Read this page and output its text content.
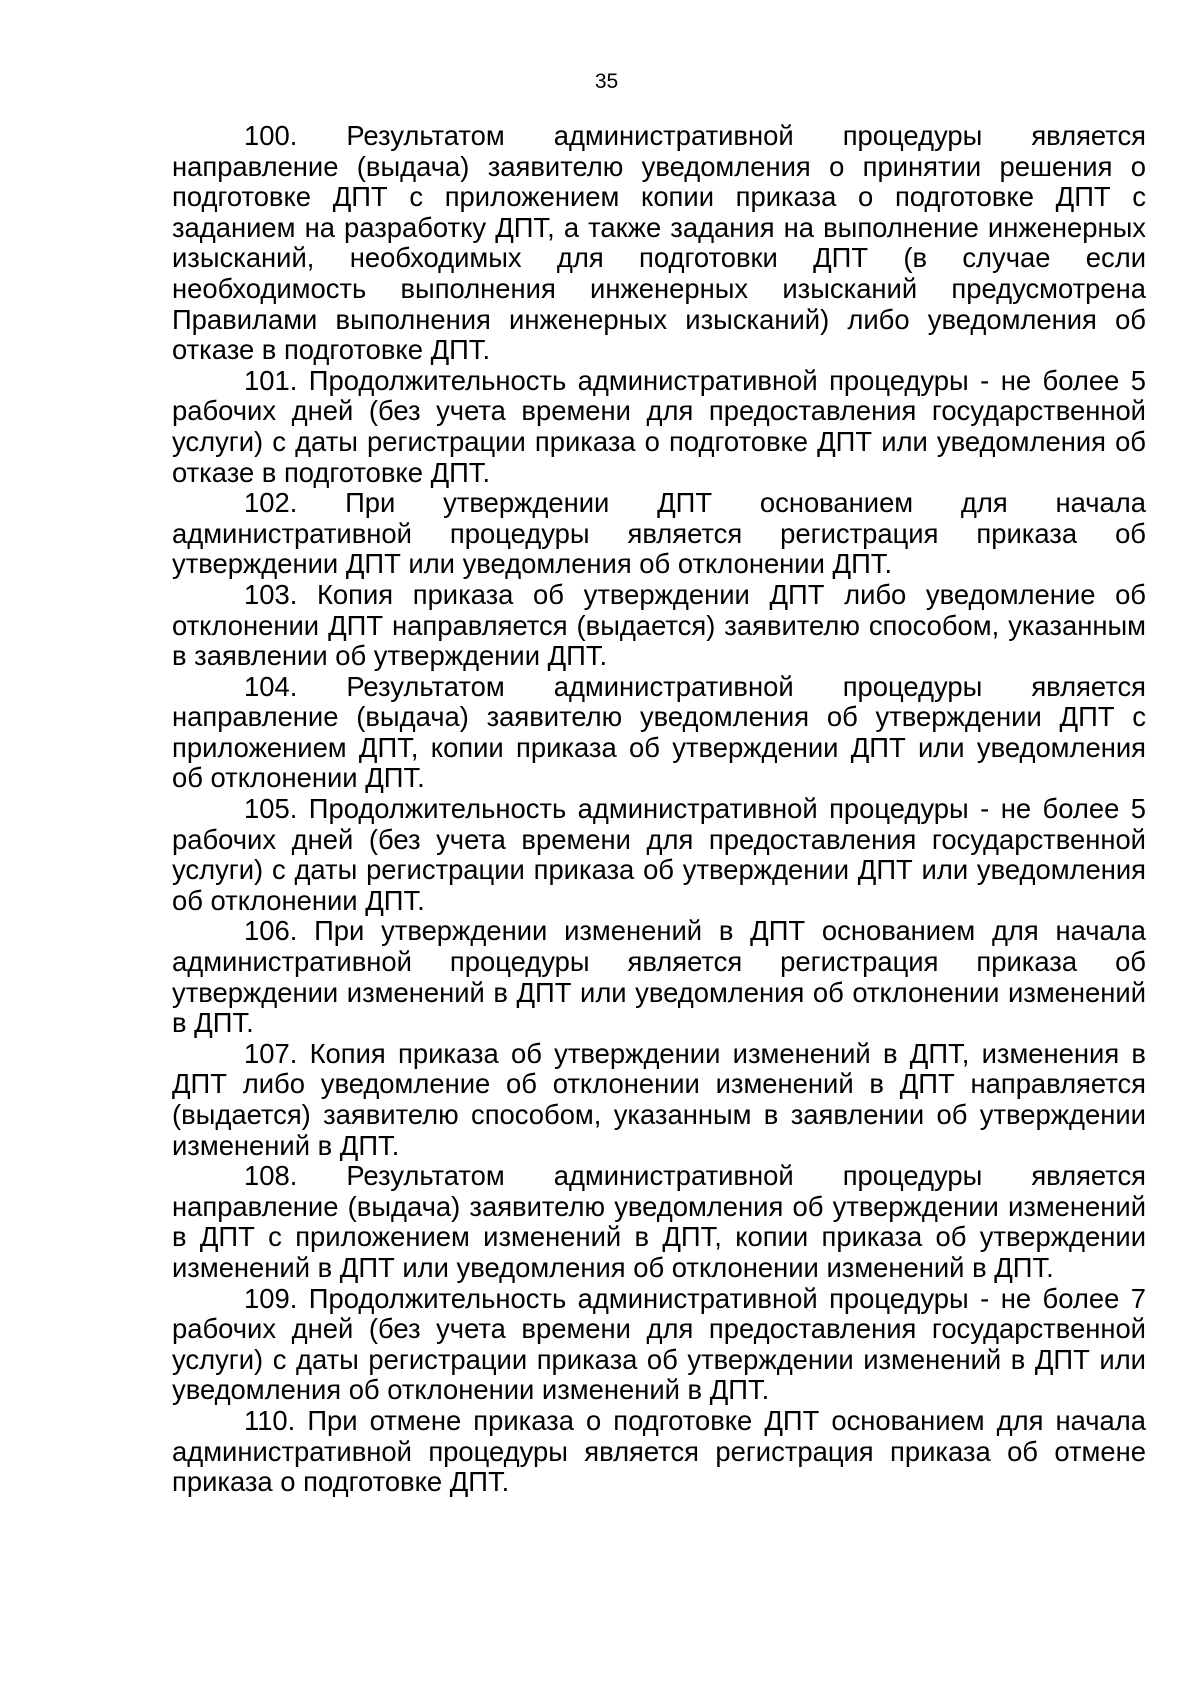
35

100. Результатом административной процедуры является направление (выдача) заявителю уведомления о принятии решения о подготовке ДПТ с приложением копии приказа о подготовке ДПТ с заданием на разработку ДПТ, а также задания на выполнение инженерных изысканий, необходимых для подготовки ДПТ (в случае если необходимость выполнения инженерных изысканий предусмотрена Правилами выполнения инженерных изысканий) либо уведомления об отказе в подготовке ДПТ.

101. Продолжительность административной процедуры - не более 5 рабочих дней (без учета времени для предоставления государственной услуги) с даты регистрации приказа о подготовке ДПТ или уведомления об отказе в подготовке ДПТ.

102. При утверждении ДПТ основанием для начала административной процедуры является регистрация приказа об утверждении ДПТ или уведомления об отклонении ДПТ.

103. Копия приказа об утверждении ДПТ либо уведомление об отклонении ДПТ направляется (выдается) заявителю способом, указанным в заявлении об утверждении ДПТ.

104. Результатом административной процедуры является направление (выдача) заявителю уведомления об утверждении ДПТ с приложением ДПТ, копии приказа об утверждении ДПТ или уведомления об отклонении ДПТ.

105. Продолжительность административной процедуры - не более 5 рабочих дней (без учета времени для предоставления государственной услуги) с даты регистрации приказа об утверждении ДПТ или уведомления об отклонении ДПТ.

106. При утверждении изменений в ДПТ основанием для начала административной процедуры является регистрация приказа об утверждении изменений в ДПТ или уведомления об отклонении изменений в ДПТ.

107. Копия приказа об утверждении изменений в ДПТ, изменения в ДПТ либо уведомление об отклонении изменений в ДПТ направляется (выдается) заявителю способом, указанным в заявлении об утверждении изменений в ДПТ.

108. Результатом административной процедуры является направление (выдача) заявителю уведомления об утверждении изменений в ДПТ с приложением изменений в ДПТ, копии приказа об утверждении изменений в ДПТ или уведомления об отклонении изменений в ДПТ.

109. Продолжительность административной процедуры - не более 7 рабочих дней (без учета времени для предоставления государственной услуги) с даты регистрации приказа об утверждении изменений в ДПТ или уведомления об отклонении изменений в ДПТ.

110. При отмене приказа о подготовке ДПТ основанием для начала административной процедуры является регистрация приказа об отмене приказа о подготовке ДПТ.
